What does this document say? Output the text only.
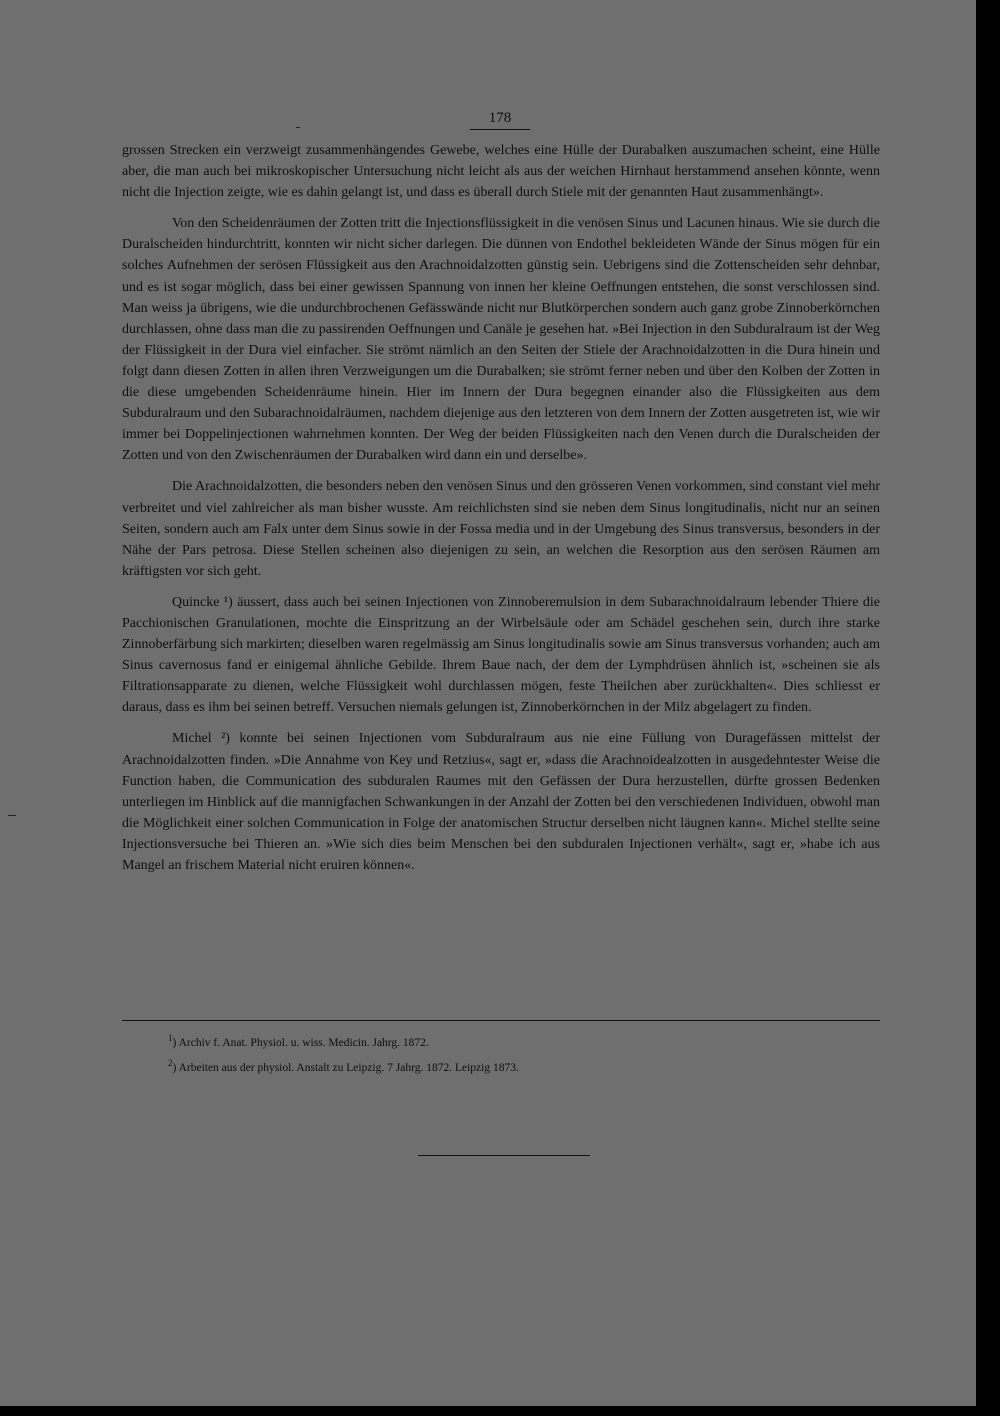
178

grossen Strecken ein verzweigt zusammenhängendes Gewebe, welches eine Hülle der Durabalken auszumachen scheint, eine Hülle aber, die man auch bei mikroskopischer Untersuchung nicht leicht als aus der weichen Hirnhaut herstammend ansehen könnte, wenn nicht die Injection zeigte, wie es dahin gelangt ist, und dass es überall durch Stiele mit der genannten Haut zusammenhängt».

Von den Scheidenräumen der Zotten tritt die Injectionsflüssigkeit in die venösen Sinus und Lacunen hinaus. Wie sie durch die Duralscheiden hindurchtritt, konnten wir nicht sicher darlegen. Die dünnen von Endothel bekleideten Wände der Sinus mögen für ein solches Aufnehmen der serösen Flüssigkeit aus den Arachnoidalzotten günstig sein. Uebrigens sind die Zottenscheiden sehr dehnbar, und es ist sogar möglich, dass bei einer gewissen Spannung von innen her kleine Oeffnungen entstehen, die sonst verschlossen sind. Man weiss ja übrigens, wie die undurchbrochenen Gefässwände nicht nur Blutkörperchen sondern auch ganz grobe Zinnoberkörnchen durchlassen, ohne dass man die zu passirenden Oeffnungen und Canäle je gesehen hat. »Bei Injection in den Subduralraum ist der Weg der Flüssigkeit in der Dura viel einfacher. Sie strömt nämlich an den Seiten der Stiele der Arachnoidalzotten in die Dura hinein und folgt dann diesen Zotten in allen ihren Verzweigungen um die Durabalken; sie strömt ferner neben und über den Kolben der Zotten in die diese umgebenden Scheidenräume hinein. Hier im Innern der Dura begegnen einander also die Flüssigkeiten aus dem Subduralraum und den Subarachnoidalräumen, nachdem diejenige aus den letzteren von dem Innern der Zotten ausgetreten ist, wie wir immer bei Doppelinjectionen wahrnehmen konnten. Der Weg der beiden Flüssigkeiten nach den Venen durch die Duralscheiden der Zotten und von den Zwischenräumen der Durabalken wird dann ein und derselbe».

Die Arachnoidalzotten, die besonders neben den venösen Sinus und den grösseren Venen vorkommen, sind constant viel mehr verbreitet und viel zahlreicher als man bisher wusste. Am reichlichsten sind sie neben dem Sinus longitudinalis, nicht nur an seinen Seiten, sondern auch am Falx unter dem Sinus sowie in der Fossa media und in der Umgebung des Sinus transversus, besonders in der Nähe der Pars petrosa. Diese Stellen scheinen also diejenigen zu sein, an welchen die Resorption aus den serösen Räumen am kräftigsten vor sich geht.

Quincke ¹) äussert, dass auch bei seinen Injectionen von Zinnoberemulsion in dem Subarachnoidalraum lebender Thiere die Pacchionischen Granulationen, mochte die Einspritzung an der Wirbelsäule oder am Schädel geschehen sein, durch ihre starke Zinnoberfärbung sich markirten; dieselben waren regelmässig am Sinus longitudinalis sowie am Sinus transversus vorhanden; auch am Sinus cavernosus fand er einigemal ähnliche Gebilde. Ihrem Baue nach, der dem der Lymphdrüsen ähnlich ist, »scheinen sie als Filtrationsapparate zu dienen, welche Flüssigkeit wohl durchlassen mögen, feste Theilchen aber zurückhalten«. Dies schliesst er daraus, dass es ihm bei seinen betreff. Versuchen niemals gelungen ist, Zinnoberkörnchen in der Milz abgelagert zu finden.

Michel ²) konnte bei seinen Injectionen vom Subduralraum aus nie eine Füllung von Duragefässen mittelst der Arachnoidalzotten finden. »Die Annahme von Key und Retzius«, sagt er, »dass die Arachnoidealzotten in ausgedehntester Weise die Function haben, die Communication des subduralen Raumes mit den Gefässen der Dura herzustellen, dürfte grossen Bedenken unterliegen im Hinblick auf die mannigfachen Schwankungen in der Anzahl der Zotten bei den verschiedenen Individuen, obwohl man die Möglichkeit einer solchen Communication in Folge der anatomischen Structur derselben nicht läugnen kann«. Michel stellte seine Injectionsversuche bei Thieren an. »Wie sich dies beim Menschen bei den subduralen Injectionen verhält«, sagt er, »habe ich aus Mangel an frischem Material nicht eruiren können«.

$^1$) Archiv f. Anat. Physiol. u. wiss. Medicin. Jahrg. 1872.
$^2$) Arbeiten aus der physiol. Anstalt zu Leipzig. 7 Jahrg. 1872. Leipzig 1873.
